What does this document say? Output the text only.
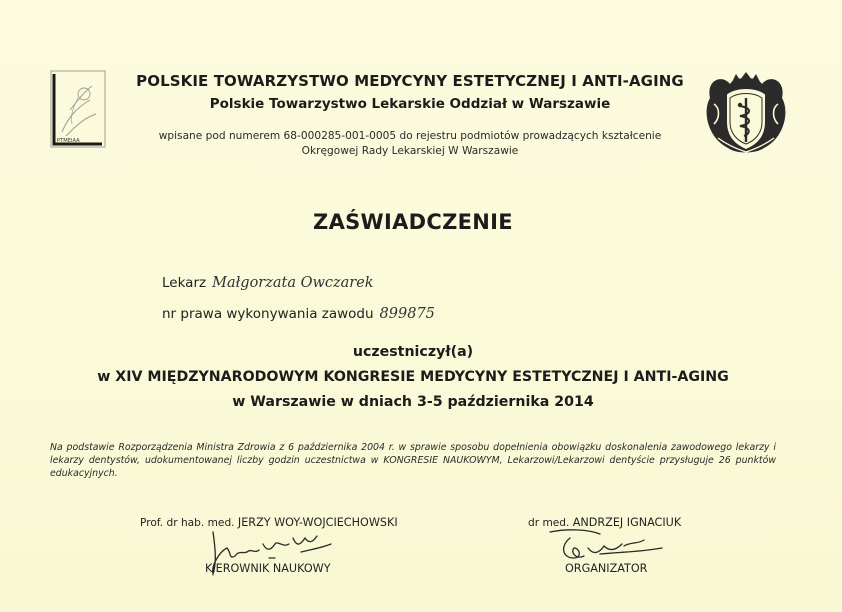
PTMEiAA
POLSKIE TOWARZYSTWO MEDYCYNY ESTETYCZNEJ I ANTI-AGING
Polskie Towarzystwo Lekarskie Oddział w Warszawie
wpisane pod numerem 68-000285-001-0005 do rejestru podmiotów prowadzących kształcenie
Okręgowej Rady Lekarskiej W Warszawie
ZAŚWIADCZENIE
Lekarz Małgorzata Owczarek
nr prawa wykonywania zawodu 899875
uczestniczył(a)
w XIV MIĘDZYNARODOWYM KONGRESIE MEDYCYNY ESTETYCZNEJ I ANTI-AGING
w Warszawie w dniach 3-5 października 2014
Na podstawie Rozporządzenia Ministra Zdrowia z 6 października 2004 r. w sprawie sposobu dopełnienia obowiązku doskonalenia zawodowego lekarzy i lekarzy dentystów, udokumentowanej liczby godzin uczestnictwa w KONGRESIE NAUKOWYM, Lekarzowi/Lekarzowi dentyście przysługuje 26 punktów edukacyjnych.
Prof. dr hab. med. JERZY WOY-WOJCIECHOWSKI
KIEROWNIK NAUKOWY
dr med. ANDRZEJ IGNACIUK
ORGANIZATOR
